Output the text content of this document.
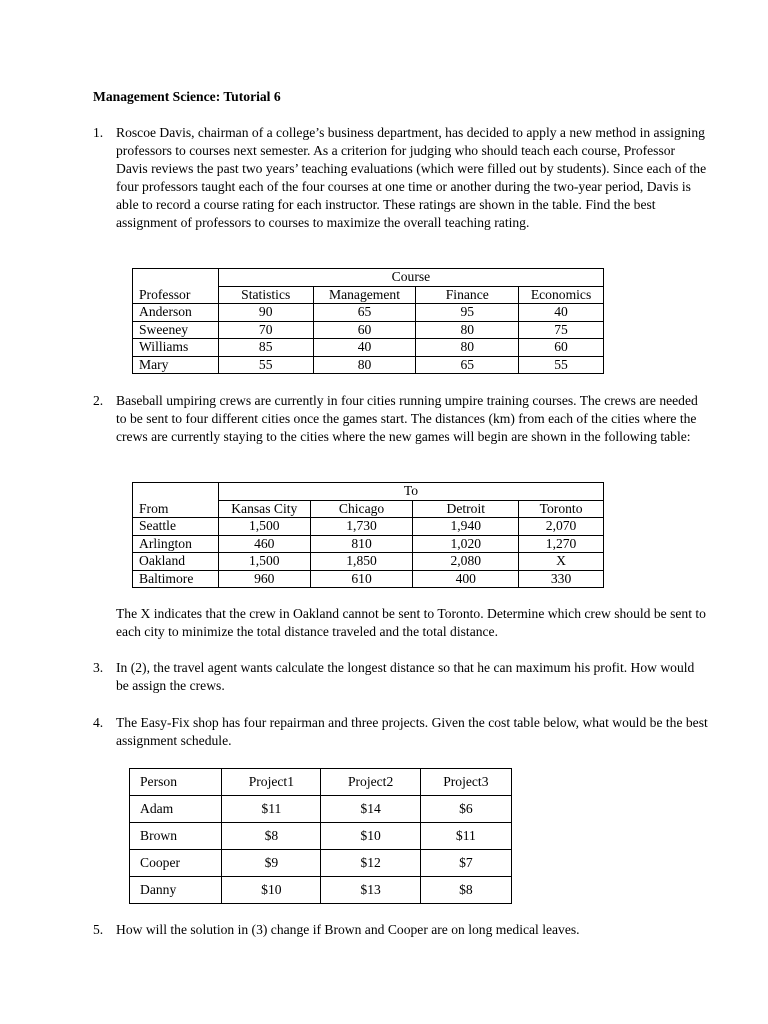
Management Science: Tutorial 6
1. Roscoe Davis, chairman of a college’s business department, has decided to apply a new method in assigning professors to courses next semester. As a criterion for judging who should teach each course, Professor Davis reviews the past two years’ teaching evaluations (which were filled out by students). Since each of the four professors taught each of the four courses at one time or another during the two-year period, Davis is able to record a course rating for each instructor. These ratings are shown in the table. Find the best assignment of professors to courses to maximize the overall teaching rating.
	Course			
Professor	Statistics	Management	Finance	Economics
Anderson	90	65	95	40
Sweeney	70	60	80	75
Williams	85	40	80	60
Mary	55	80	65	55
2. Baseball umpiring crews are currently in four cities running umpire training courses. The crews are needed to be sent to four different cities once the games start. The distances (km) from each of the cities where the crews are currently staying to the cities where the new games will begin are shown in the following table:
	To			
From	Kansas City	Chicago	Detroit	Toronto
Seattle	1,500	1,730	1,940	2,070
Arlington	460	810	1,020	1,270
Oakland	1,500	1,850	2,080	X
Baltimore	960	610	400	330
The X indicates that the crew in Oakland cannot be sent to Toronto. Determine which crew should be sent to each city to minimize the total distance traveled and the total distance.
3. In (2), the travel agent wants calculate the longest distance so that he can maximum his profit. How would be assign the crews.
4. The Easy-Fix shop has four repairman and three projects. Given the cost table below, what would be the best assignment schedule.
Person	Project1	Project2	Project3
Adam	$11	$14	$6
Brown	$8	$10	$11
Cooper	$9	$12	$7
Danny	$10	$13	$8
5. How will the solution in (3) change if Brown and Cooper are on long medical leaves.
